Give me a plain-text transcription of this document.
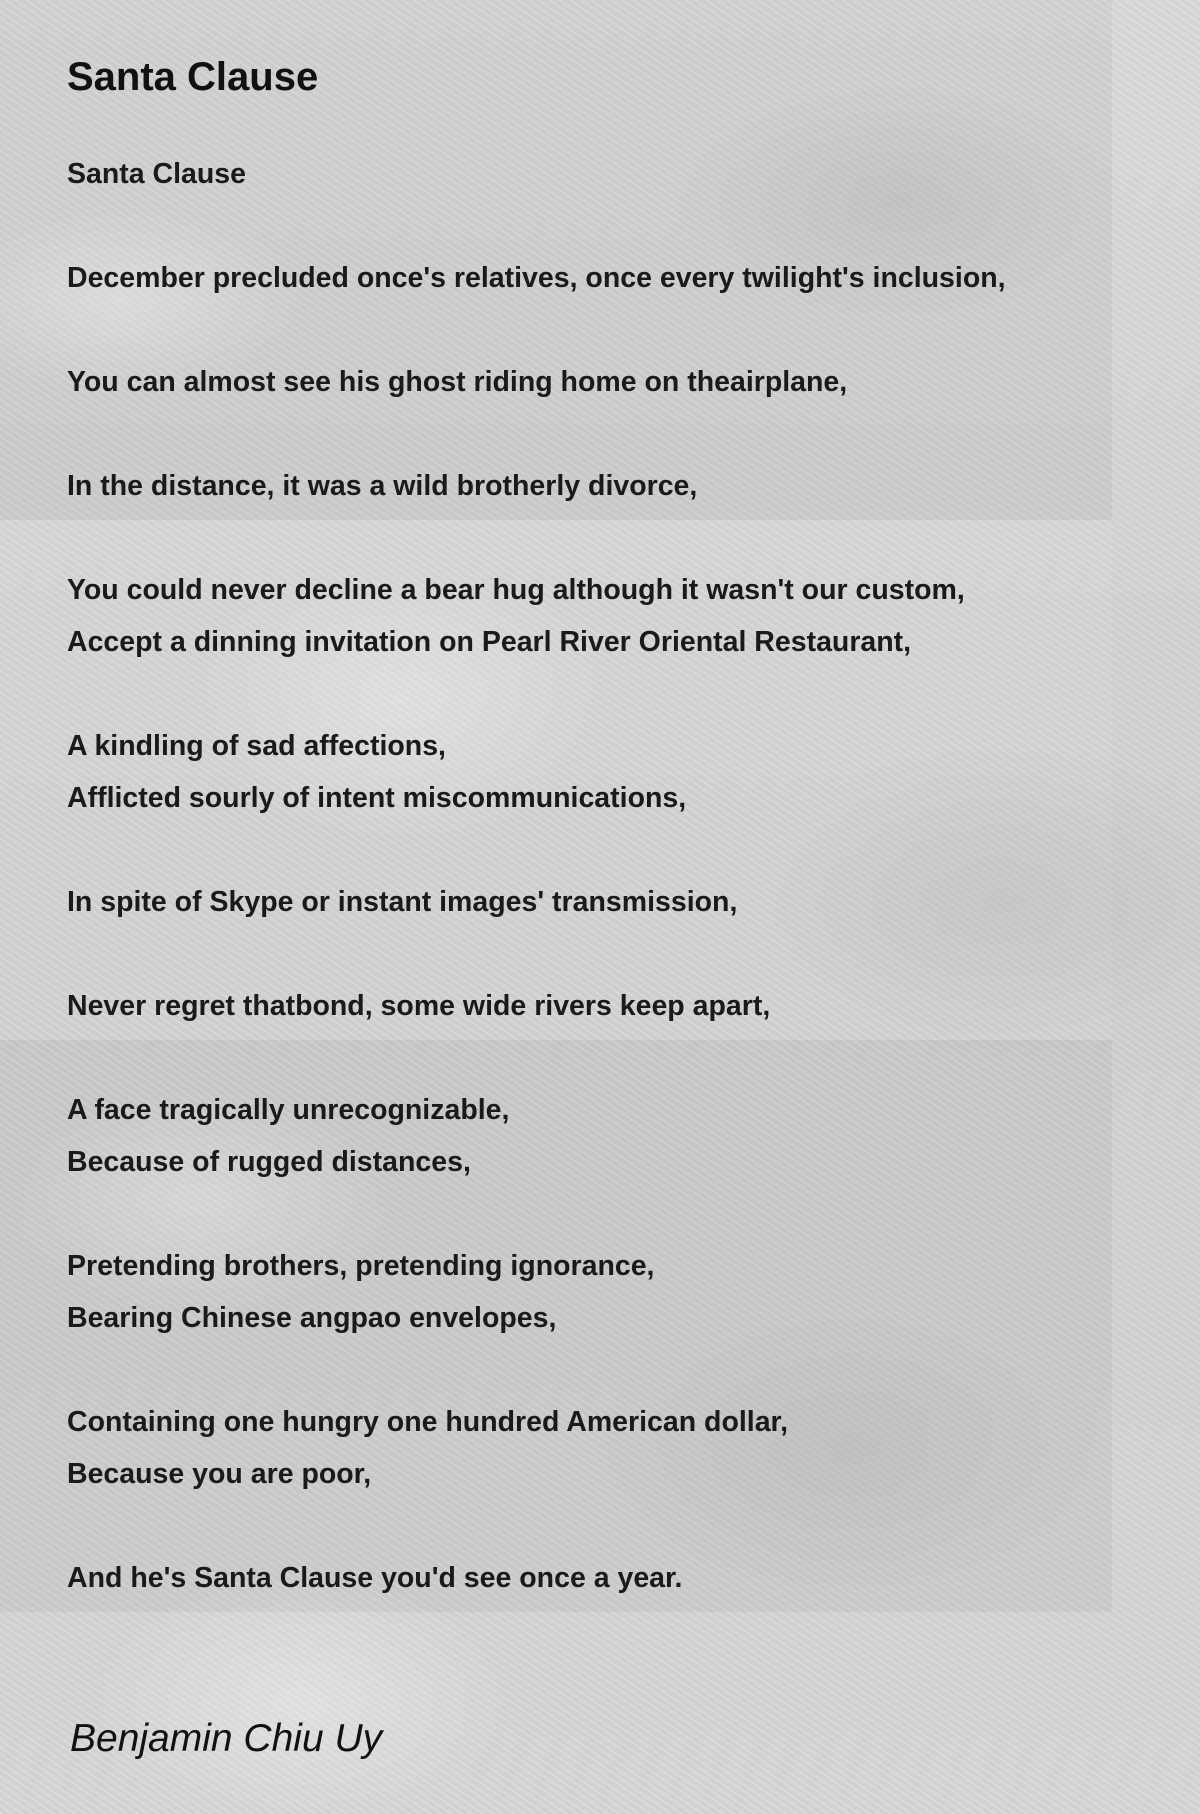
Santa Clause
Santa Clause
December precluded once's relatives, once every twilight's inclusion,
You can almost see his ghost riding home on theairplane,
In the distance, it was a wild brotherly divorce,
You could never decline a bear hug although it wasn't our custom,
Accept a dinning invitation on Pearl River Oriental Restaurant,
A kindling of sad affections,
Afflicted sourly of intent miscommunications,
In spite of Skype or instant images' transmission,
Never regret thatbond, some wide rivers keep apart,
A face tragically unrecognizable,
Because of rugged distances,
Pretending brothers, pretending ignorance,
Bearing Chinese angpao envelopes,
Containing one hungry one hundred American dollar,
Because you are poor,
And he's Santa Clause you'd see once a year.
Benjamin Chiu Uy
